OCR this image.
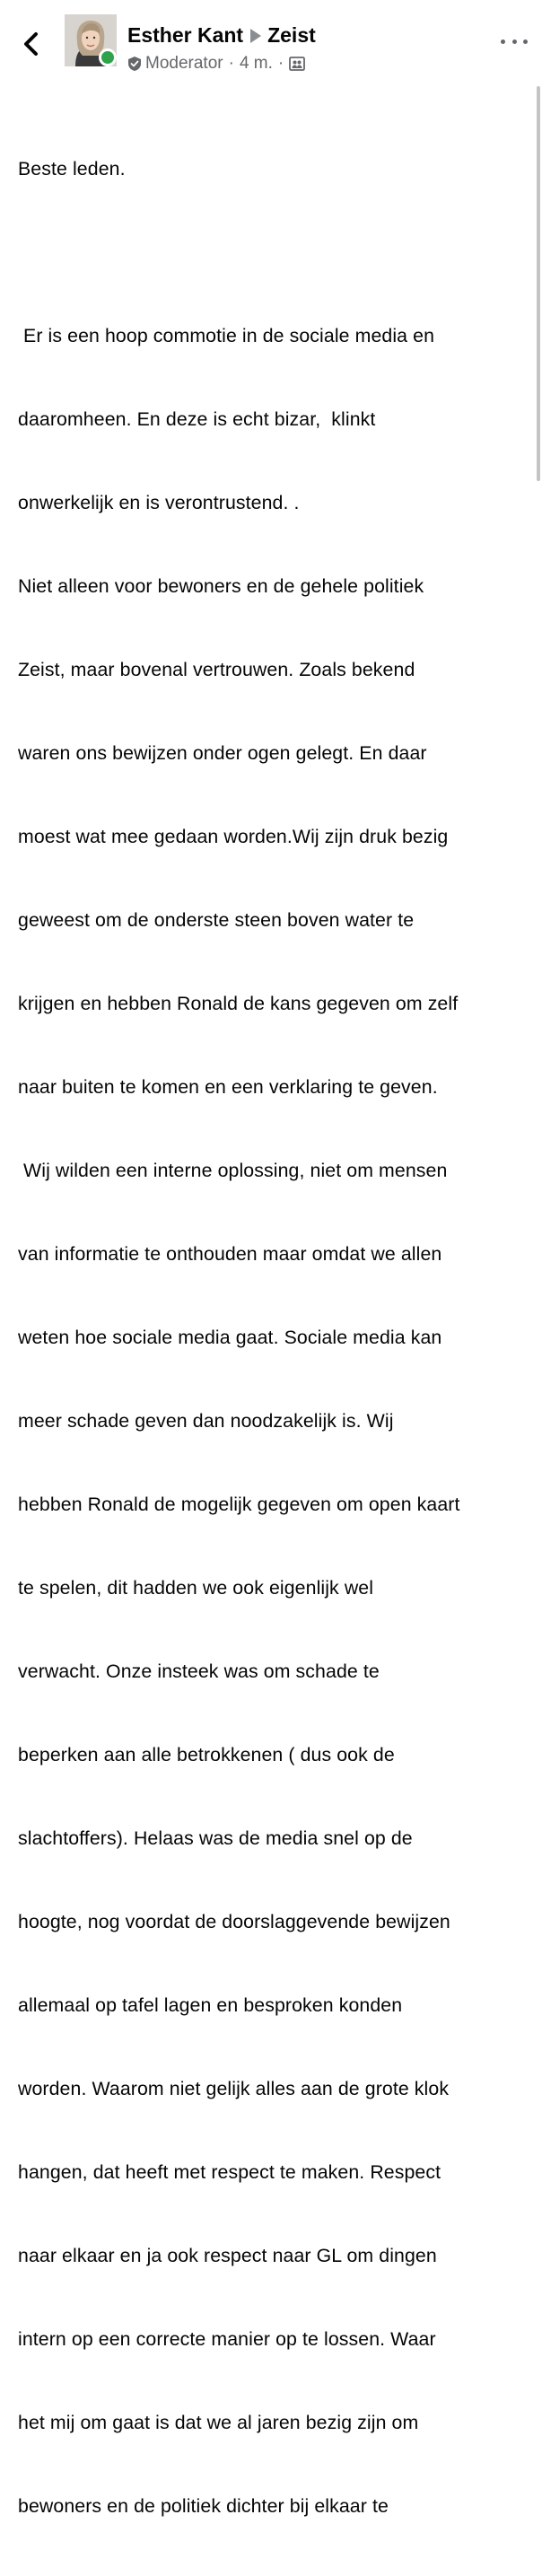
Esther Kant Zeist
Moderator · 4 m. ·

Beste leden.

Er is een hoop commotie in de sociale media en

daaromheen. En deze is echt bizar,  klinkt

onwerkelijk en is verontrustend. .

Niet alleen voor bewoners en de gehele politiek

Zeist, maar bovenal vertrouwen. Zoals bekend

waren ons bewijzen onder ogen gelegt. En daar

moest wat mee gedaan worden.Wij zijn druk bezig

geweest om de onderste steen boven water te

krijgen en hebben Ronald de kans gegeven om zelf

naar buiten te komen en een verklaring te geven.

Wij wilden een interne oplossing, niet om mensen

van informatie te onthouden maar omdat we allen

weten hoe sociale media gaat. Sociale media kan

meer schade geven dan noodzakelijk is. Wij

hebben Ronald de mogelijk gegeven om open kaart

te spelen, dit hadden we ook eigenlijk wel

verwacht. Onze insteek was om schade te

beperken aan alle betrokkenen ( dus ook de

slachtoffers). Helaas was de media snel op de

hoogte, nog voordat de doorslaggevende bewijzen

allemaal op tafel lagen en besproken konden

worden. Waarom niet gelijk alles aan de grote klok

hangen, dat heeft met respect te maken. Respect

naar elkaar en ja ook respect naar GL om dingen

intern op een correcte manier op te lossen. Waar

het mij om gaat is dat we al jaren bezig zijn om

bewoners en de politiek dichter bij elkaar te
